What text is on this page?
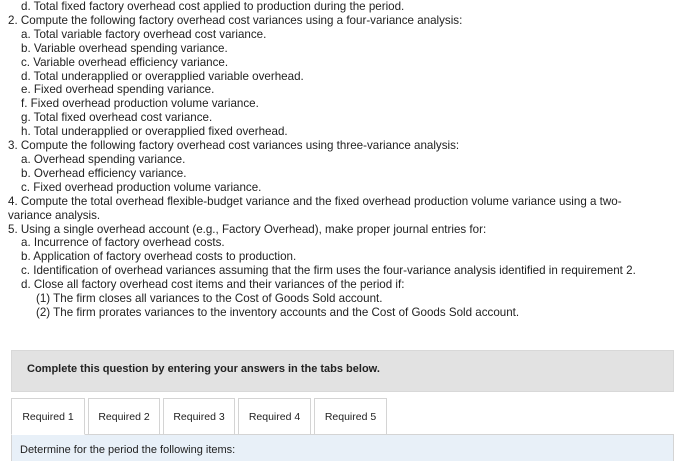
d. Total fixed factory overhead cost applied to production during the period.
2. Compute the following factory overhead cost variances using a four-variance analysis:
a. Total variable factory overhead cost variance.
b. Variable overhead spending variance.
c. Variable overhead efficiency variance.
d. Total underapplied or overapplied variable overhead.
e. Fixed overhead spending variance.
f. Fixed overhead production volume variance.
g. Total fixed overhead cost variance.
h. Total underapplied or overapplied fixed overhead.
3. Compute the following factory overhead cost variances using three-variance analysis:
a. Overhead spending variance.
b. Overhead efficiency variance.
c. Fixed overhead production volume variance.
4. Compute the total overhead flexible-budget variance and the fixed overhead production volume variance using a two-variance analysis.
5. Using a single overhead account (e.g., Factory Overhead), make proper journal entries for:
a. Incurrence of factory overhead costs.
b. Application of factory overhead costs to production.
c. Identification of overhead variances assuming that the firm uses the four-variance analysis identified in requirement 2.
d. Close all factory overhead cost items and their variances of the period if:
(1) The firm closes all variances to the Cost of Goods Sold account.
(2) The firm prorates variances to the inventory accounts and the Cost of Goods Sold account.
Complete this question by entering your answers in the tabs below.
Required 1	Required 2	Required 3	Required 4	Required 5
Determine for the period the following items:
